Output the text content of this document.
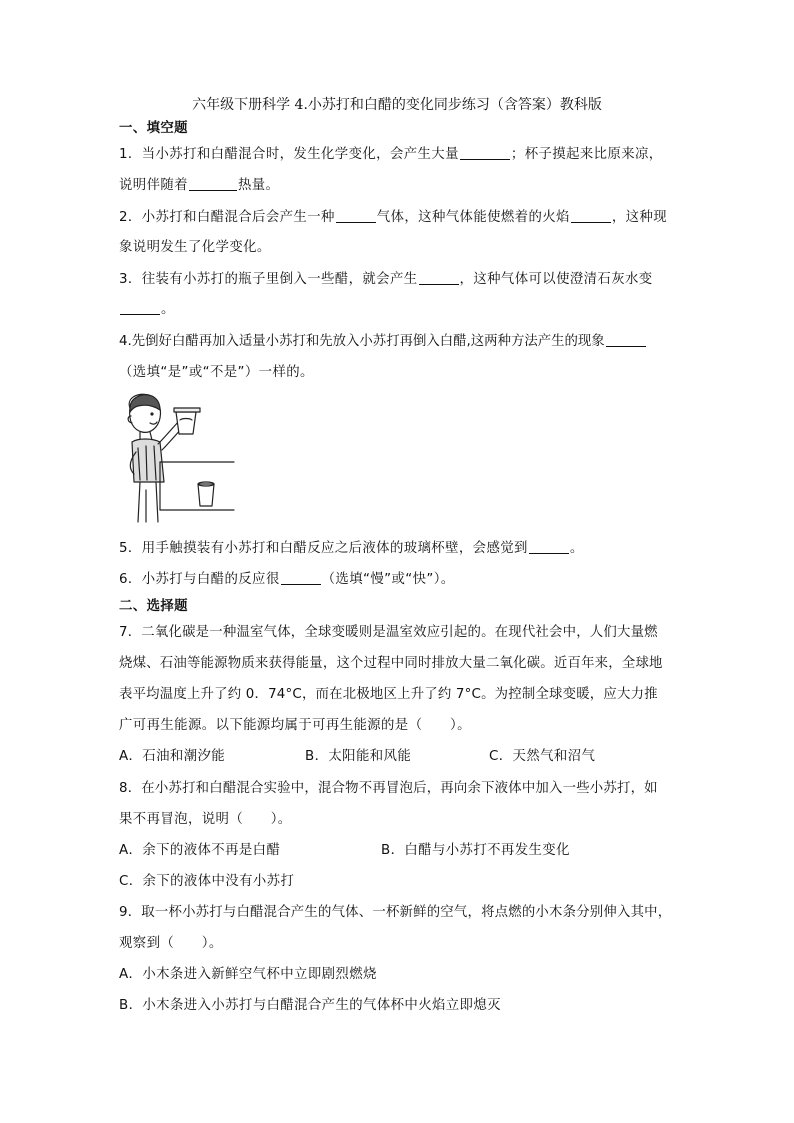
六年级下册科学 4.小苏打和白醋的变化同步练习（含答案）教科版
一、填空题
1．当小苏打和白醋混合时，发生化学变化，会产生大量	；杯子摸起来比原来凉，
说明伴随着	热量。
2．小苏打和白醋混合后会产生一种	气体，这种气体能使燃着的火焰	，这种现
象说明发生了化学变化。
3．往装有小苏打的瓶子里倒入一些醋，就会产生	，这种气体可以使澄清石灰水变
。
4.先倒好白醋再加入适量小苏打和先放入小苏打再倒入白醋,这两种方法产生的现象
（选填“是”或“不是”）一样的。
5．用手触摸装有小苏打和白醋反应之后液体的玻璃杯壁，会感觉到	。
6．小苏打与白醋的反应很	（选填“慢”或“快”）。
二、选择题
7．二氧化碳是一种温室气体，全球变暖则是温室效应引起的。在现代社会中，人们大量燃
烧煤、石油等能源物质来获得能量，这个过程中同时排放大量二氧化碳。近百年来，全球地
表平均温度上升了约 0．74°C，而在北极地区上升了约 7°C。为控制全球变暖，应大力推
广可再生能源。以下能源均属于可再生能源的是（　　）。
A．石油和潮汐能	B．太阳能和风能	C．天然气和沼气
8．在小苏打和白醋混合实验中，混合物不再冒泡后，再向余下液体中加入一些小苏打，如
果不再冒泡，说明（　　）。
A．余下的液体不再是白醋	B．白醋与小苏打不再发生变化
C．余下的液体中没有小苏打
9．取一杯小苏打与白醋混合产生的气体、一杯新鲜的空气，将点燃的小木条分别伸入其中，
观察到（　　）。
A．小木条进入新鲜空气杯中立即剧烈燃烧
B．小木条进入小苏打与白醋混合产生的气体杯中火焰立即熄灭
